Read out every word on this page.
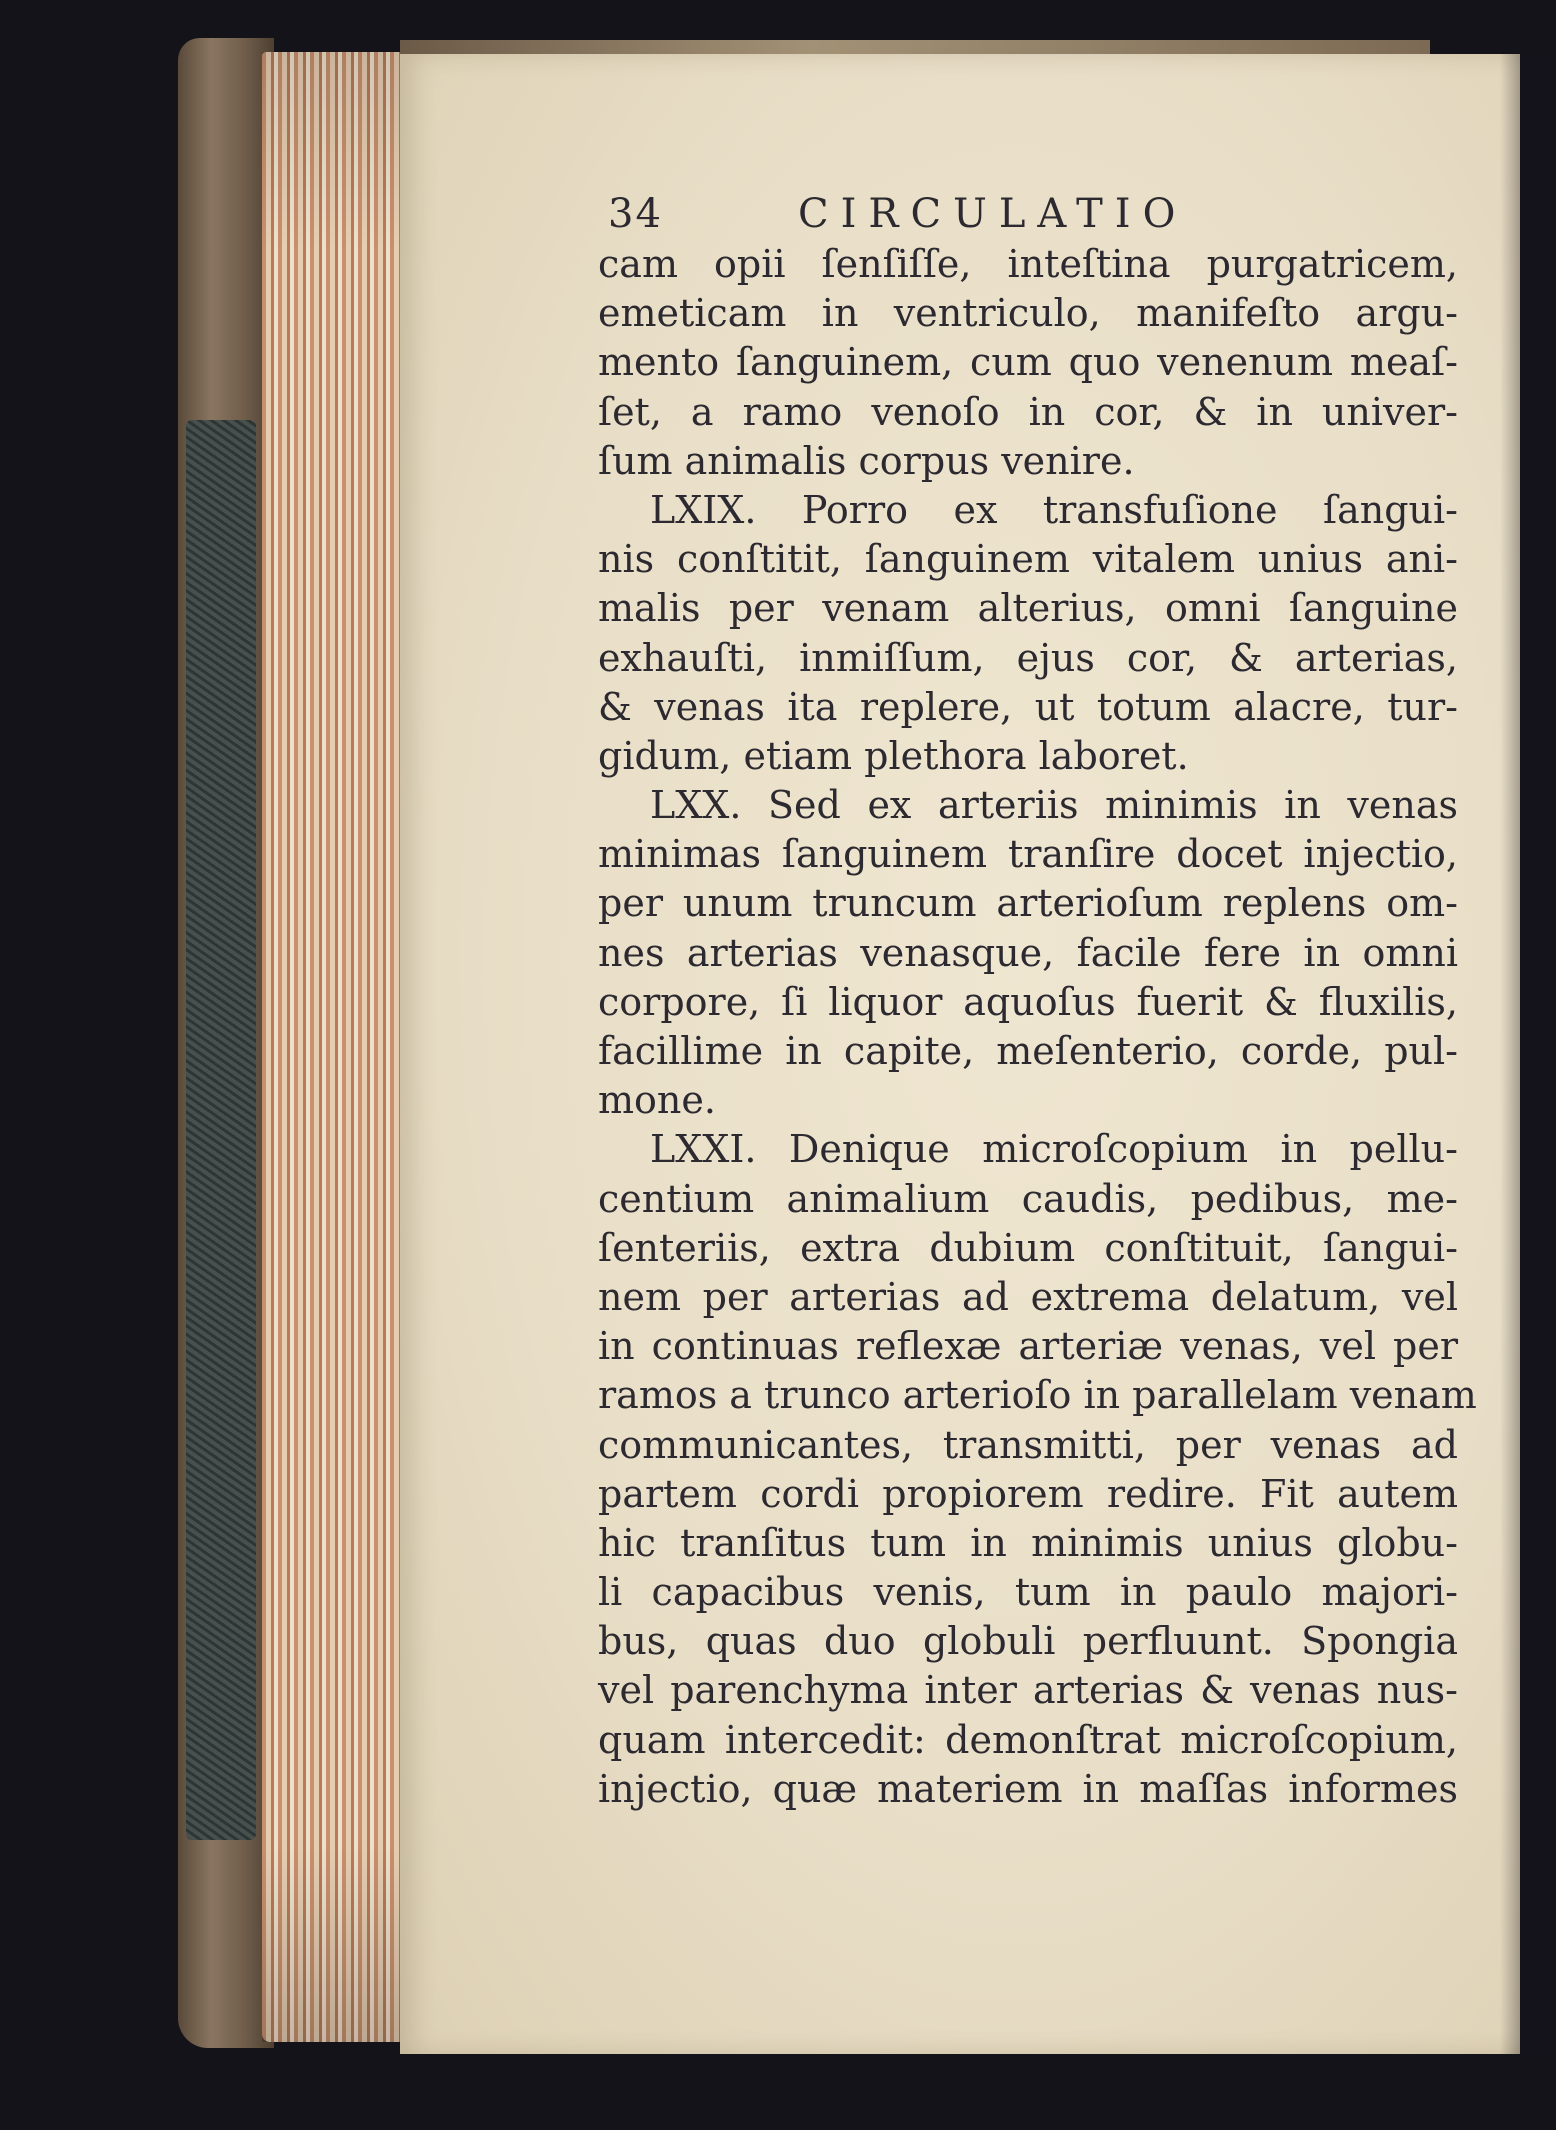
34	CIRCULATIO
cam opii ſenſiſſe, inteſtina purgatricem,
emeticam in ventriculo, manifeſto argu-
mento ſanguinem, cum quo venenum meaſ-
ſet, a ramo venoſo in cor, & in univer-
ſum animalis corpus venire.
LXIX. Porro ex transfuſione ſangui-
nis conſtitit, ſanguinem vitalem unius ani-
malis per venam alterius, omni ſanguine
exhauſti, inmiſſum, ejus cor, & arterias,
& venas ita replere, ut totum alacre, tur-
gidum, etiam plethora laboret.
LXX. Sed ex arteriis minimis in venas
minimas ſanguinem tranſire docet injectio,
per unum truncum arterioſum replens om-
nes arterias venasque, facile fere in omni
corpore, ſi liquor aquoſus fuerit & fluxilis,
facillime in capite, meſenterio, corde, pul-
mone.
LXXI. Denique microſcopium in pellu-
centium animalium caudis, pedibus, me-
ſenteriis, extra dubium conſtituit, ſangui-
nem per arterias ad extrema delatum, vel
in continuas reflexæ arteriæ venas, vel per
ramos a trunco arterioſo in parallelam venam
communicantes, transmitti, per venas ad
partem cordi propiorem redire. Fit autem
hic tranſitus tum in minimis unius globu-
li capacibus venis, tum in paulo majori-
bus, quas duo globuli perfluunt. Spongia
vel parenchyma inter arterias & venas nus-
quam intercedit: demonſtrat microſcopium,
injectio, quæ materiem in maſſas informes
